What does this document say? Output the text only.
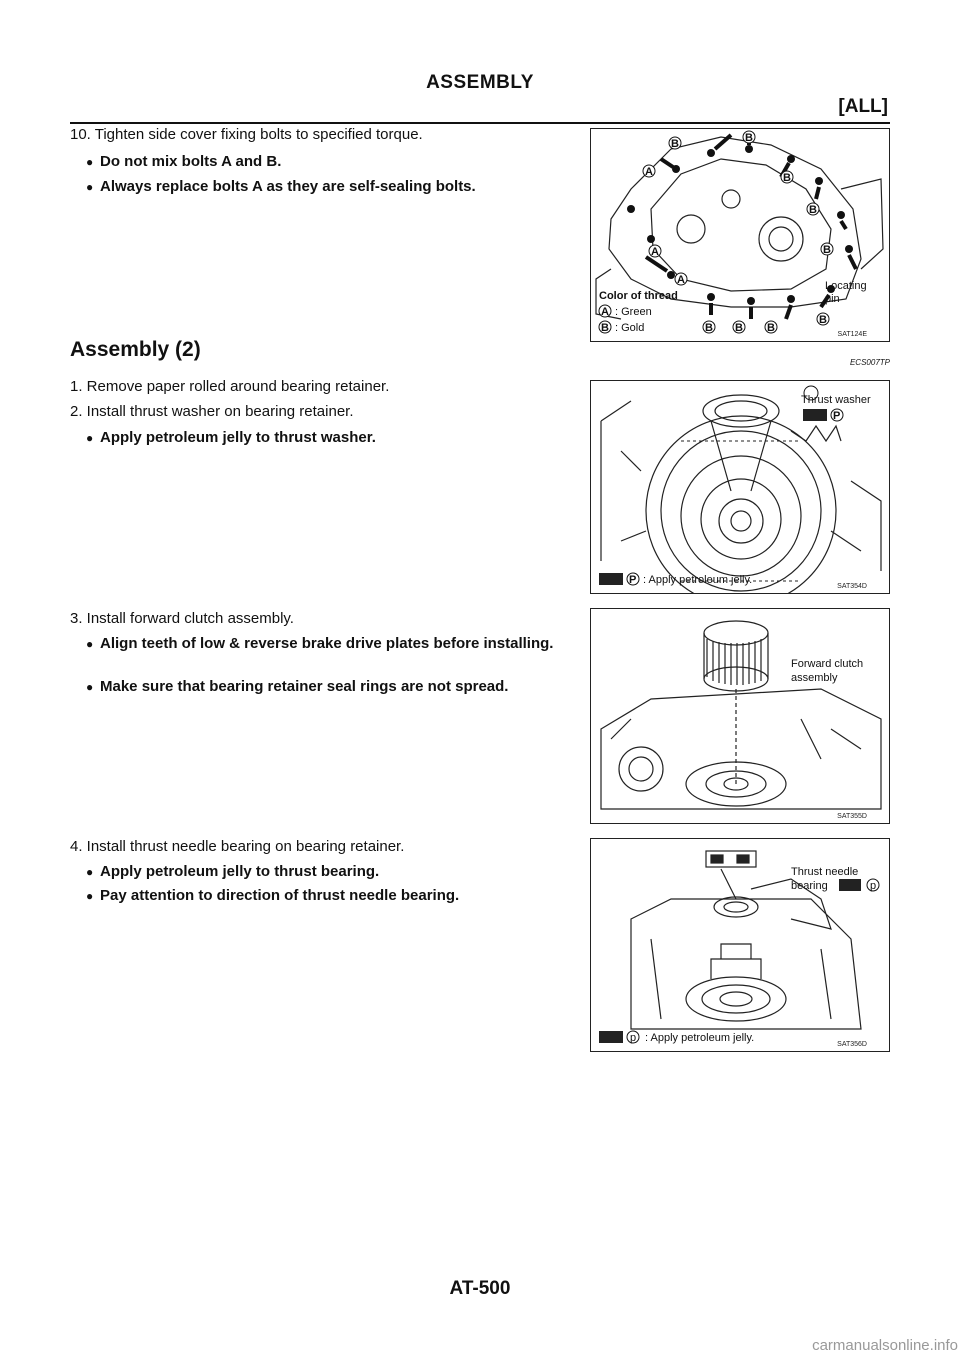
ASSEMBLY
[ALL]
10. Tighten side cover fixing bolts to specified torque.
● Do not mix bolts A and B.
● Always replace bolts A as they are self-sealing bolts.
B	B
A
A
A
B
B
B
B B B
B
Locating
pin
Color of thread
A : Green
B : Gold
SAT124E
Assembly (2)
ECS007TP
1. Remove paper rolled around bearing retainer.
2. Install thrust washer on bearing retainer.
● Apply petroleum jelly to thrust washer.
Thrust washer
P
P : Apply petroleum jelly.
SAT354D
3. Install forward clutch assembly.
● Align teeth of low & reverse brake drive plates before installing.
● Make sure that bearing retainer seal rings are not spread.
Forward clutch
assembly
SAT355D
4. Install thrust needle bearing on bearing retainer.
● Apply petroleum jelly to thrust bearing.
● Pay attention to direction of thrust needle bearing.
Thrust needle
bearing	p
p : Apply petroleum jelly.
SAT356D
AT-500
carmanualsonline.info
